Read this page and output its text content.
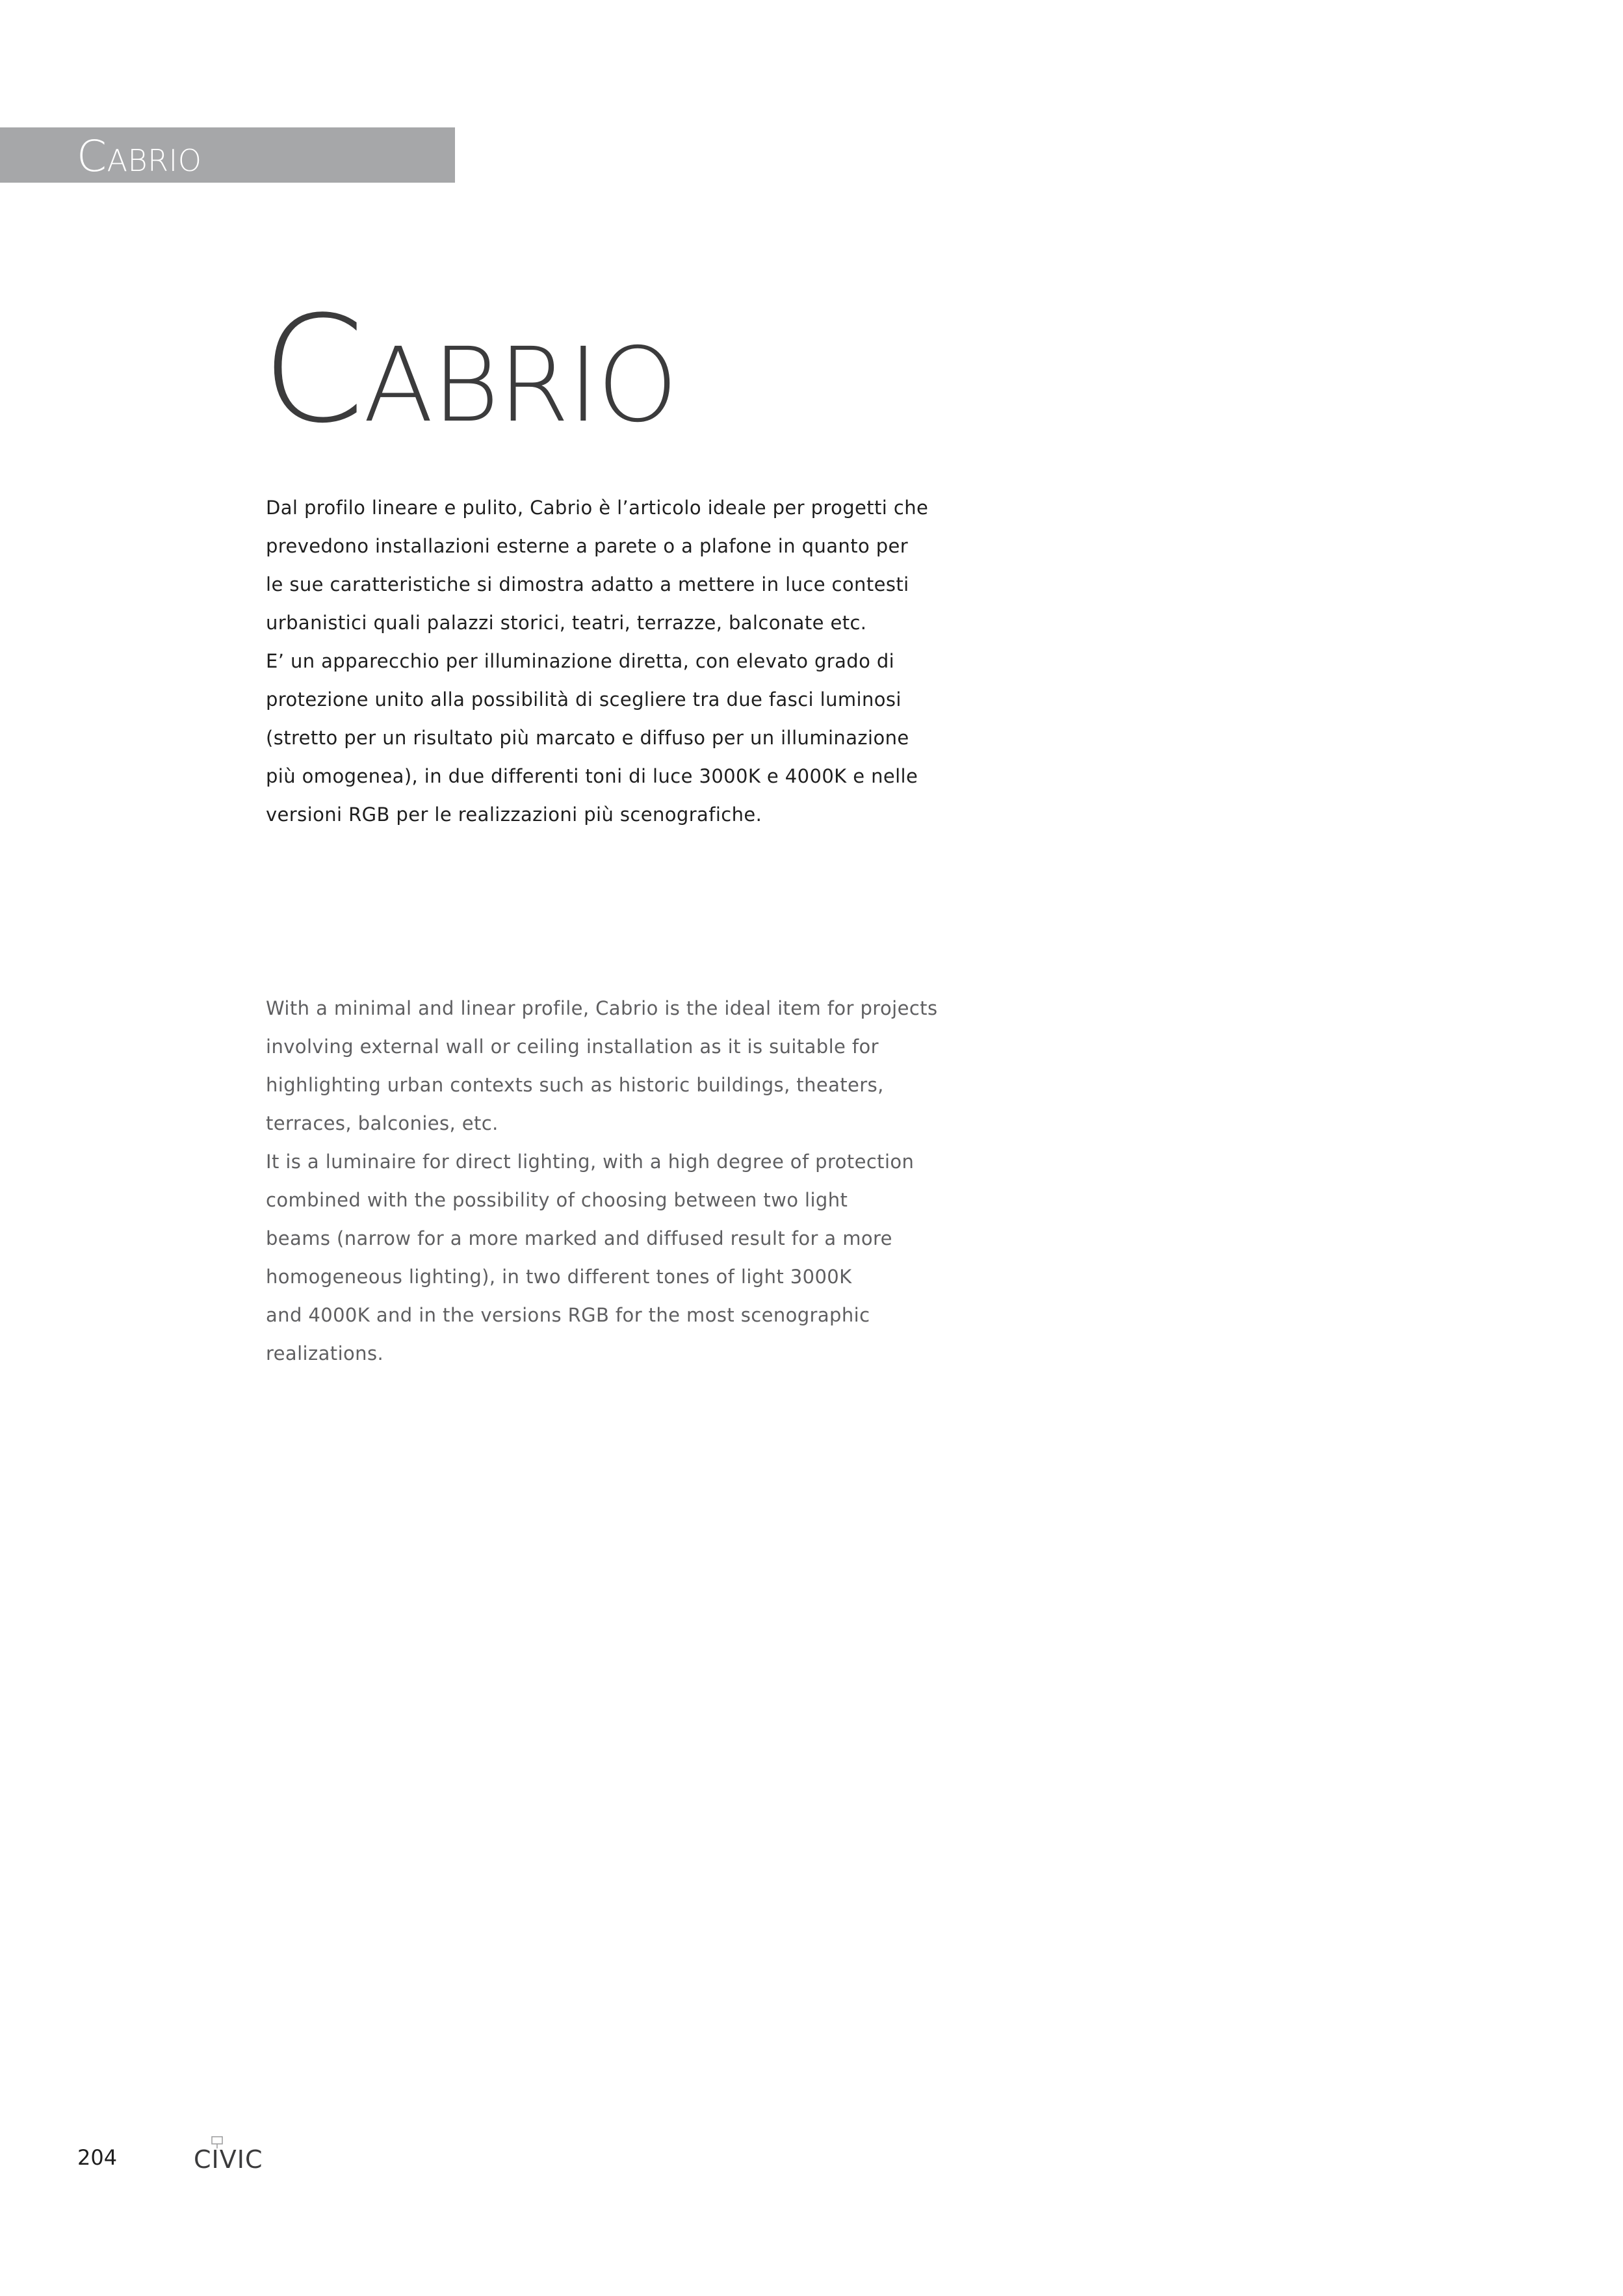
Cabrio
Cabrio

Dal profilo lineare e pulito, Cabrio è l’articolo ideale per progetti che
prevedono installazioni esterne a parete o a plafone in quanto per
le sue caratteristiche si dimostra adatto a mettere in luce contesti
urbanistici quali palazzi storici, teatri, terrazze, balconate etc.

E’ un apparecchio per illuminazione diretta, con elevato grado di
protezione unito alla possibilità di scegliere tra due fasci luminosi
(stretto per un risultato più marcato e diffuso per un illuminazione
più omogenea), in due differenti toni di luce 3000K e 4000K e nelle
versioni RGB per le realizzazioni più scenografiche.

With a minimal and linear profile, Cabrio is the ideal item for projects
involving external wall or ceiling installation as it is suitable for
highlighting urban contexts such as historic buildings, theaters,
terraces, balconies, etc.

It is a luminaire for direct lighting, with a high degree of protection
combined with the possibility of choosing between two light
beams (narrow for a more marked and diffused result for a more
homogeneous lighting), in two different tones of light 3000K
and 4000K and in the versions RGB for the most scenographic
realizations.

204	CIVIC
